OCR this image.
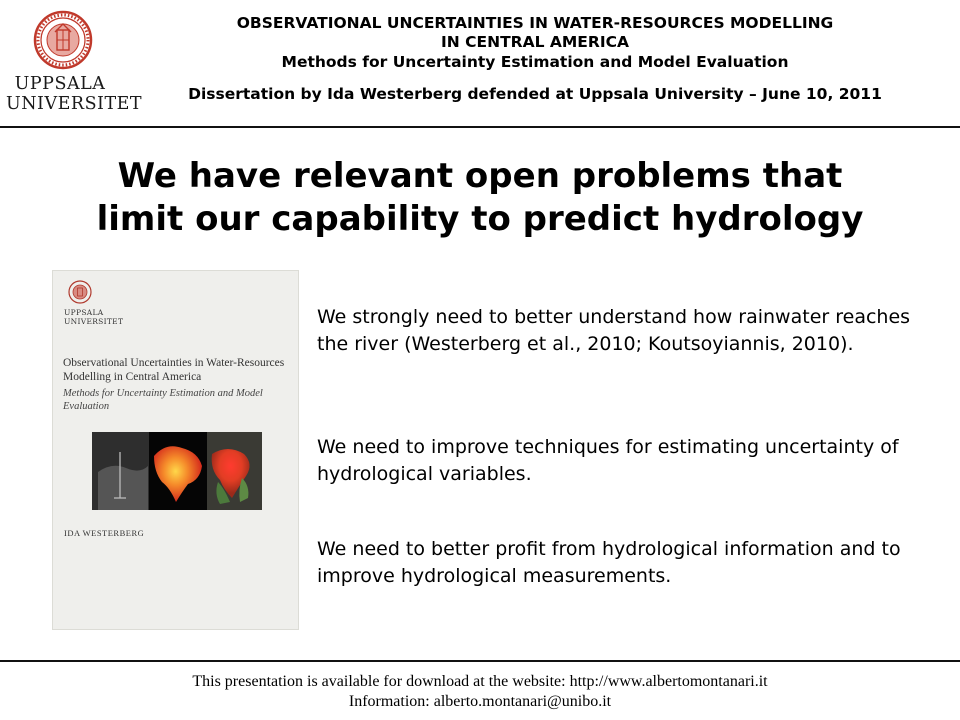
UPPSALA
UNIVERSITET
OBSERVATIONAL UNCERTAINTIES IN WATER-RESOURCES MODELLING
IN CENTRAL AMERICA
Methods for Uncertainty Estimation and Model Evaluation
Dissertation by Ida Westerberg defended at Uppsala University – June 10, 2011
We have relevant open problems that
limit our capability to predict hydrology
UPPSALA
UNIVERSITET
Observational Uncertainties in Water-Resources Modelling in Central America
Methods for Uncertainty Estimation and Model Evaluation
IDA WESTERBERG

We strongly need to better understand how rainwater reaches the river (Westerberg et al., 2010; Koutsoyiannis, 2010).

We need to improve techniques for estimating uncertainty of hydrological variables.

We need to better profit from hydrological information and to improve hydrological measurements.

This presentation is available for download at the website: http://www.albertomontanari.it
Information: alberto.montanari@unibo.it
